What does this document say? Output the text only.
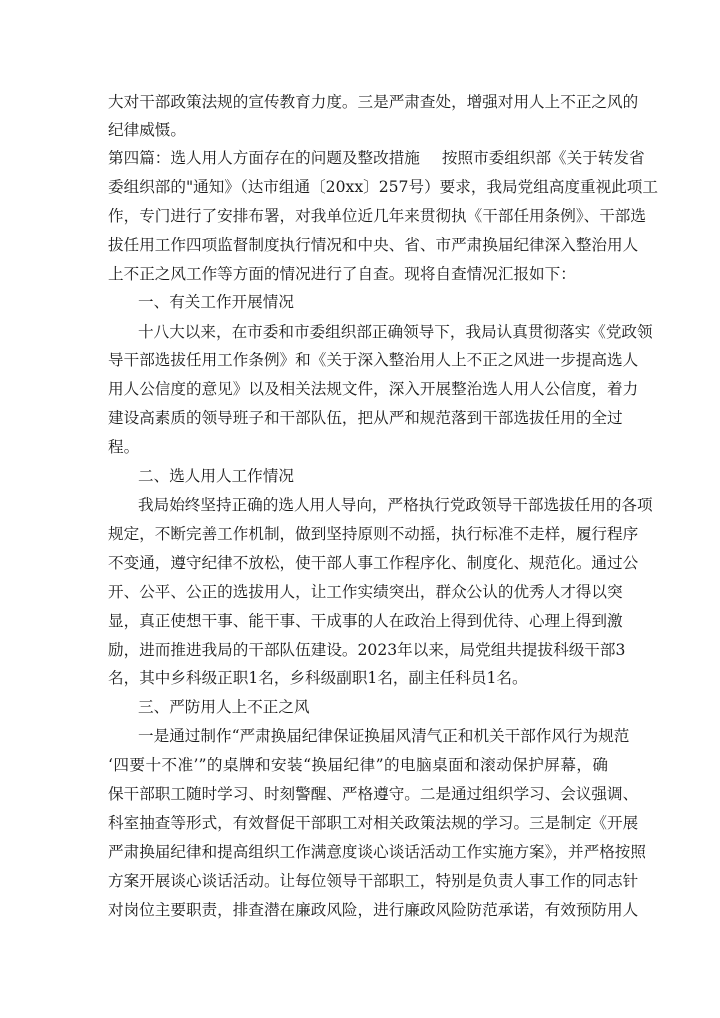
大对干部政策法规的宣传教育力度。三是严肃查处，增强对用人上不正之风的
纪律威慑。
第四篇：选人用人方面存在的问题及整改措施 按照市委组织部《关于转发省
委组织部的"通知》（达市组通〔20xx〕257号）要求，我局党组高度重视此项工
作，专门进行了安排布署，对我单位近几年来贯彻执《干部任用条例》、干部选
拔任用工作四项监督制度执行情况和中央、省、市严肃换届纪律深入整治用人
上不正之风工作等方面的情况进行了自查。现将自查情况汇报如下：
一、有关工作开展情况
十八大以来，在市委和市委组织部正确领导下，我局认真贯彻落实《党政领
导干部选拔任用工作条例》和《关于深入整治用人上不正之风进一步提高选人
用人公信度的意见》以及相关法规文件，深入开展整治选人用人公信度，着力
建设高素质的领导班子和干部队伍，把从严和规范落到干部选拔任用的全过
程。
二、选人用人工作情况
我局始终坚持正确的选人用人导向，严格执行党政领导干部选拔任用的各项
规定，不断完善工作机制，做到坚持原则不动摇，执行标准不走样，履行程序
不变通，遵守纪律不放松，使干部人事工作程序化、制度化、规范化。通过公
开、公平、公正的选拔用人，让工作实绩突出，群众公认的优秀人才得以突
显，真正使想干事、能干事、干成事的人在政治上得到优待、心理上得到激
励，进而推进我局的干部队伍建设。2023年以来，局党组共提拔科级干部3
名，其中乡科级正职1名，乡科级副职1名，副主任科员1名。
三、严防用人上不正之风
一是通过制作“严肃换届纪律保证换届风清气正和机关干部作风行为规范
‘四要十不准’”的桌牌和安装“换届纪律”的电脑桌面和滚动保护屏幕，确
保干部职工随时学习、时刻警醒、严格遵守。二是通过组织学习、会议强调、
科室抽查等形式，有效督促干部职工对相关政策法规的学习。三是制定《开展
严肃换届纪律和提高组织工作满意度谈心谈话活动工作实施方案》，并严格按照
方案开展谈心谈话活动。让每位领导干部职工，特别是负责人事工作的同志针
对岗位主要职责，排查潜在廉政风险，进行廉政风险防范承诺，有效预防用人
